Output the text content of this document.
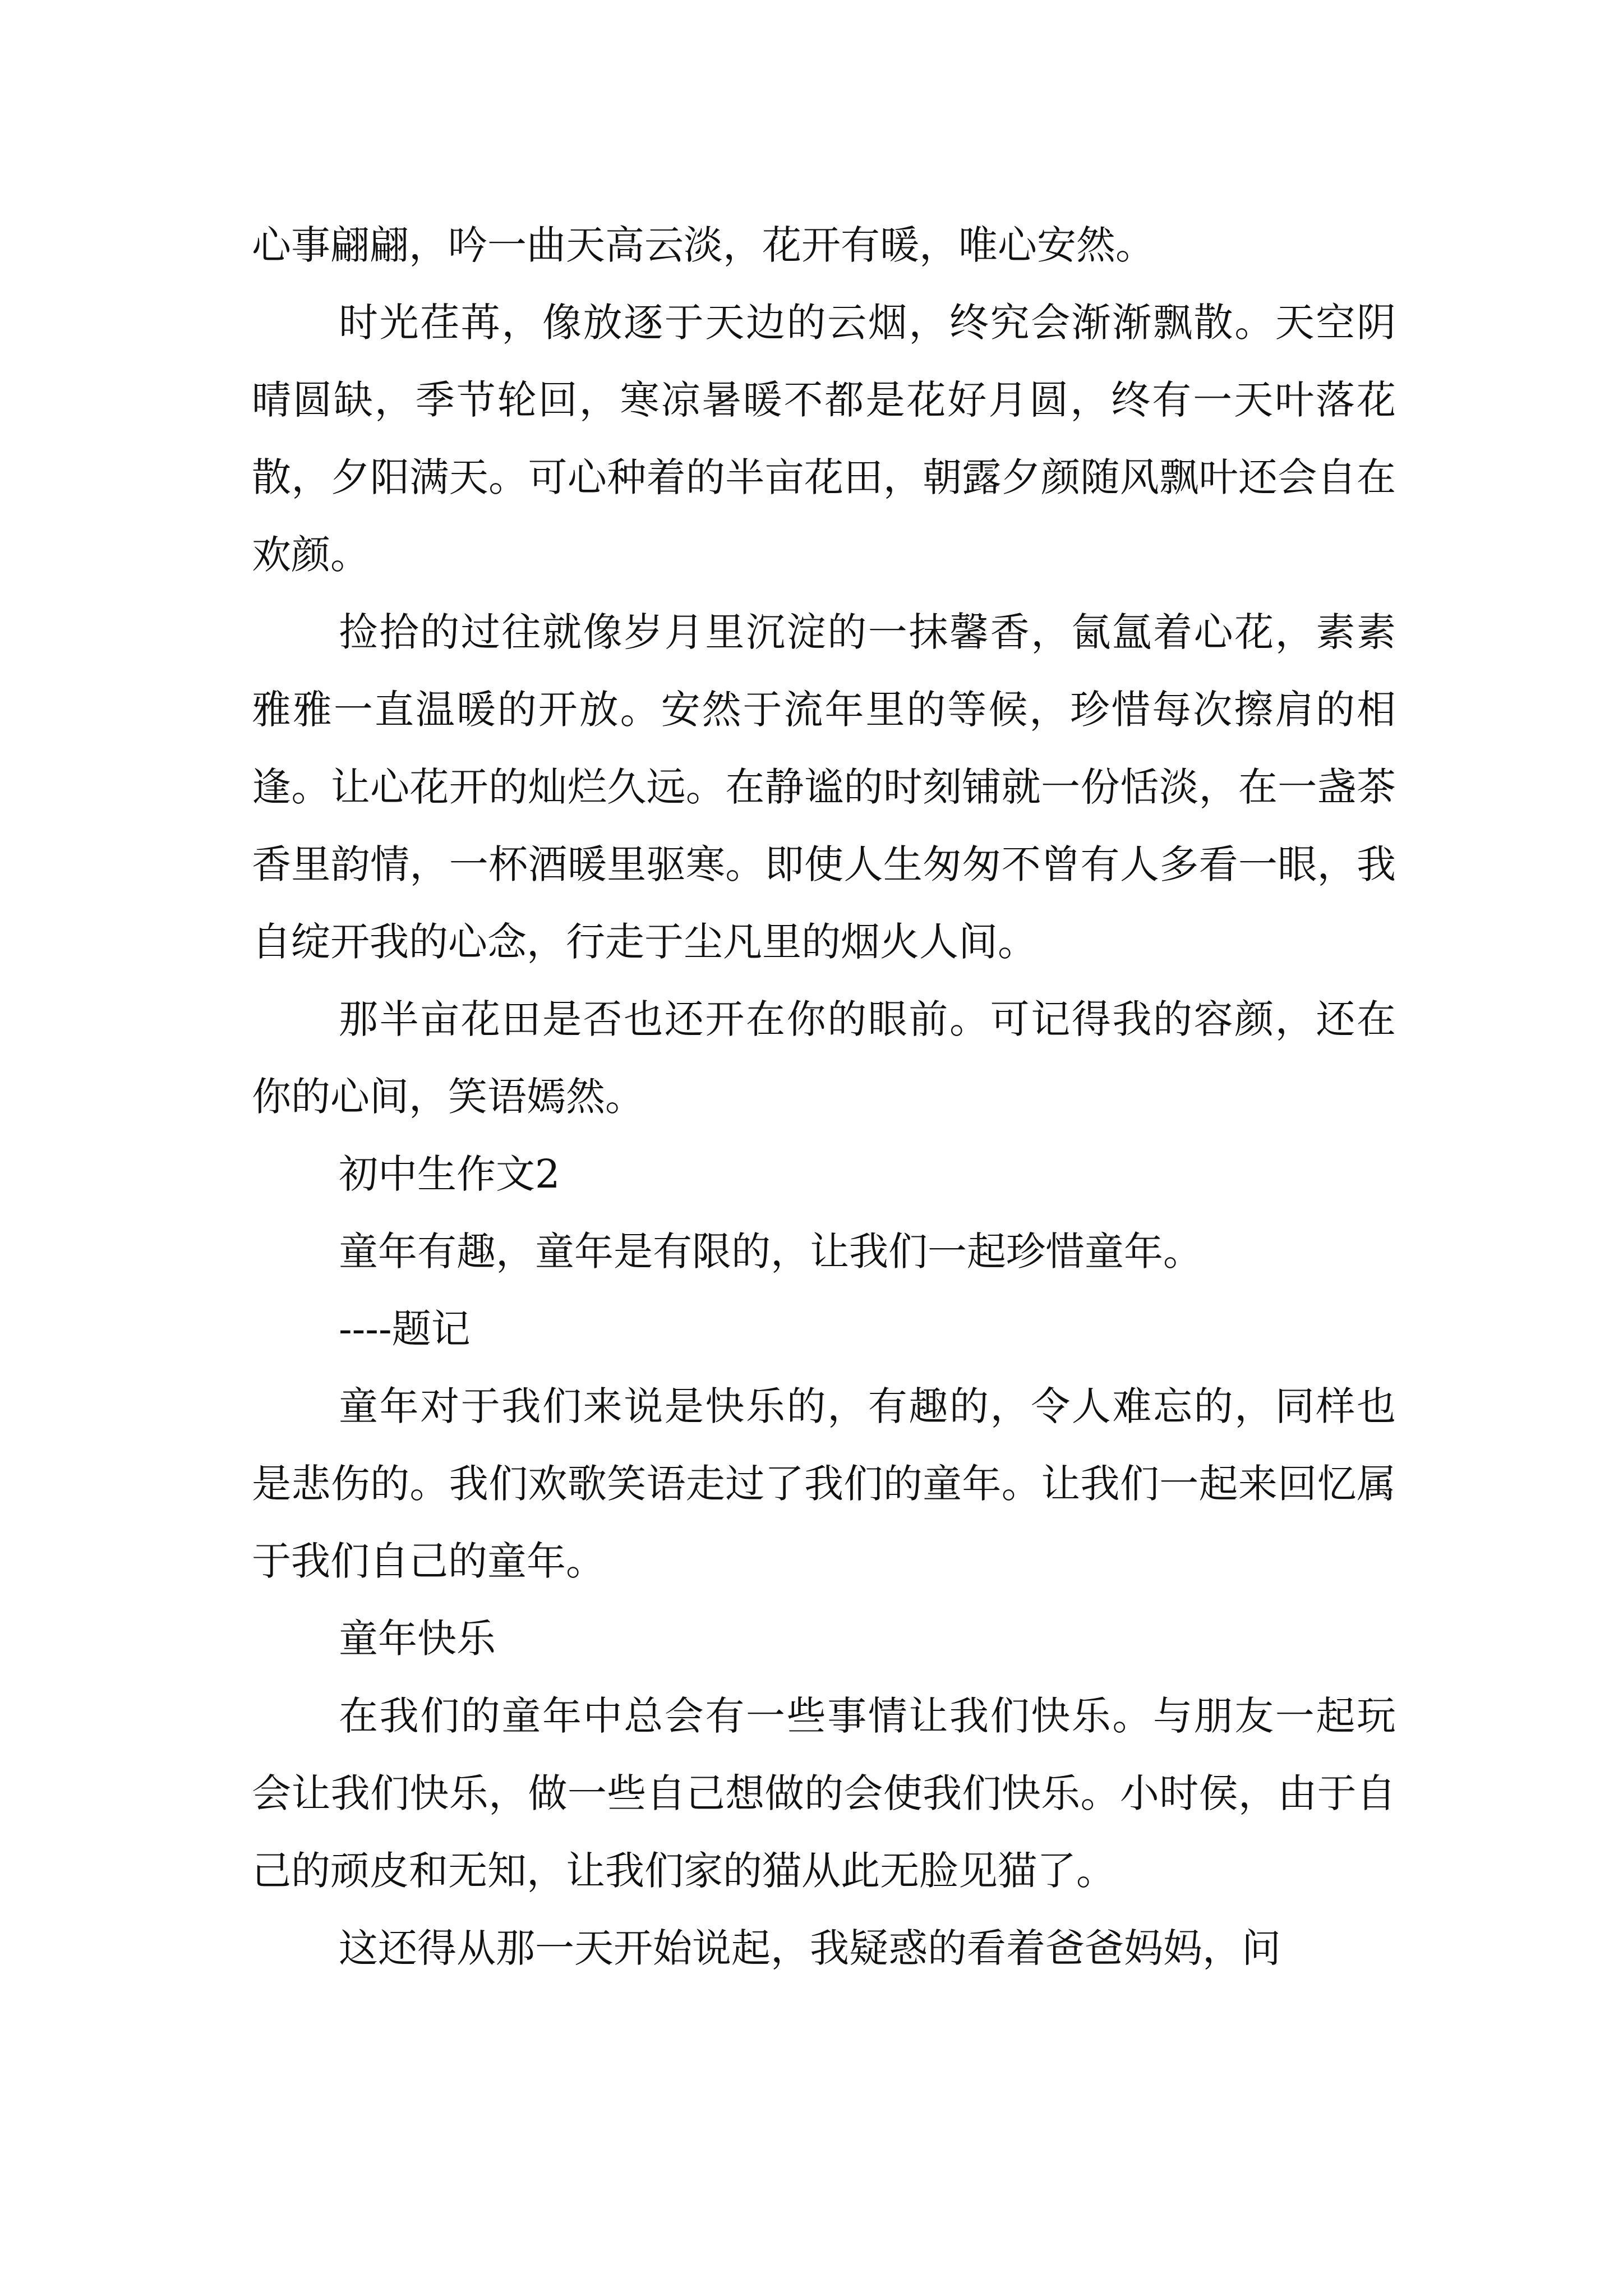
心事翩翩，吟一曲天高云淡，花开有暖，唯心安然。

时光荏苒，像放逐于天边的云烟，终究会渐渐飘散。天空阴晴圆缺，季节轮回，寒凉暑暖不都是花好月圆，终有一天叶落花散，夕阳满天。可心种着的半亩花田，朝露夕颜随风飘叶还会自在欢颜。

捡拾的过往就像岁月里沉淀的一抹馨香，氤氲着心花，素素雅雅一直温暖的开放。安然于流年里的等候，珍惜每次擦肩的相逢。让心花开的灿烂久远。在静谧的时刻铺就一份恬淡，在一盏茶香里韵情，一杯酒暖里驱寒。即使人生匆匆不曾有人多看一眼，我自绽开我的心念，行走于尘凡里的烟火人间。

那半亩花田是否也还开在你的眼前。可记得我的容颜，还在你的心间，笑语嫣然。

初中生作文2

童年有趣，童年是有限的，让我们一起珍惜童年。

----题记

童年对于我们来说是快乐的，有趣的，令人难忘的，同样也是悲伤的。我们欢歌笑语走过了我们的童年。让我们一起来回忆属于我们自己的童年。

童年快乐

在我们的童年中总会有一些事情让我们快乐。与朋友一起玩会让我们快乐，做一些自己想做的会使我们快乐。小时侯，由于自己的顽皮和无知，让我们家的猫从此无脸见猫了。

这还得从那一天开始说起，我疑惑的看着爸爸妈妈，问
